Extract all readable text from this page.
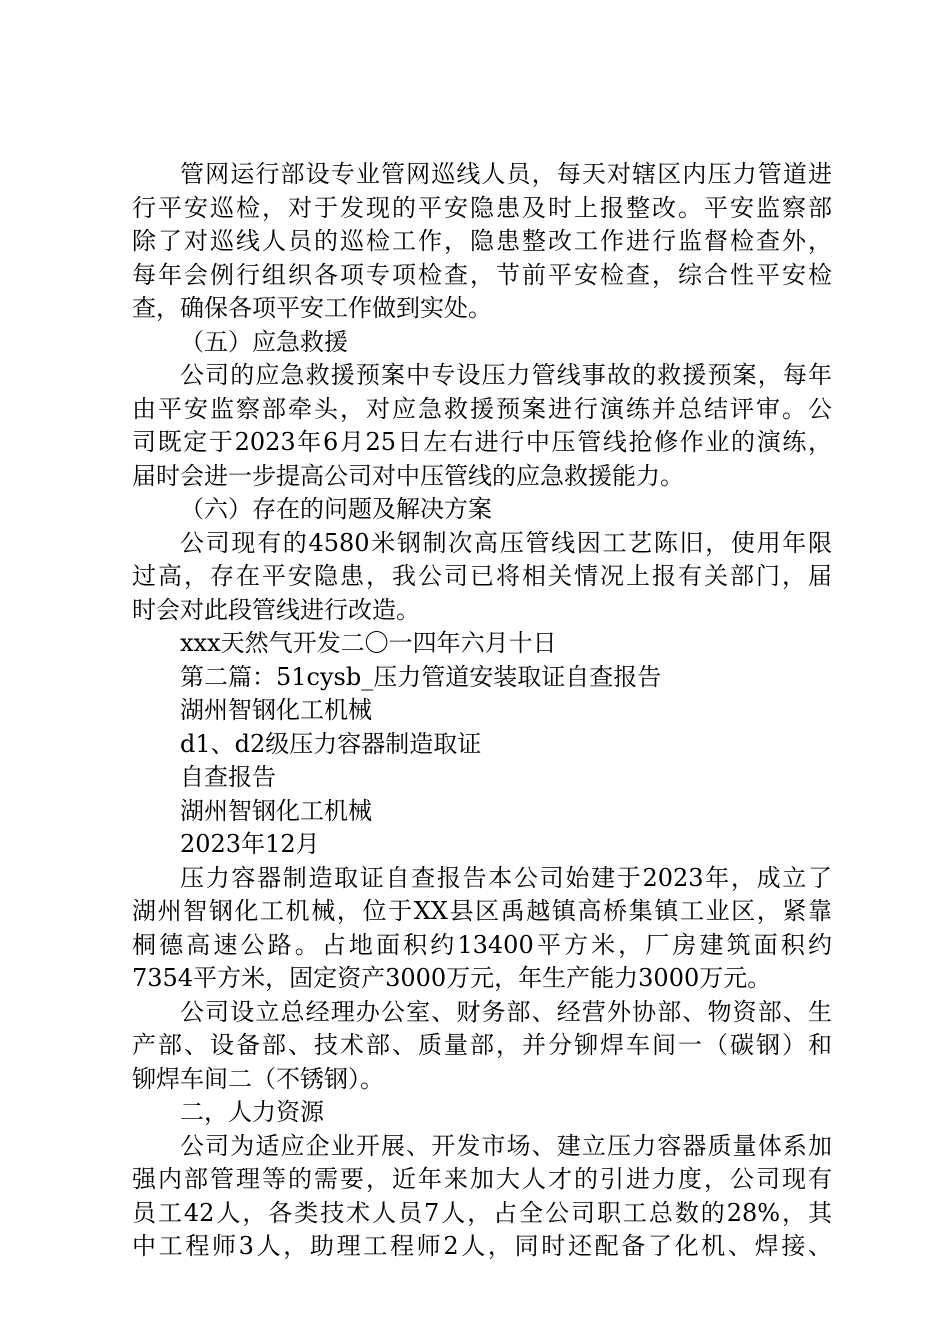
管网运行部设专业管网巡线人员，每天对辖区内压力管道进
行平安巡检，对于发现的平安隐患及时上报整改。平安监察部
除了对巡线人员的巡检工作，隐患整改工作进行监督检查外，
每年会例行组织各项专项检查，节前平安检查，综合性平安检
查，确保各项平安工作做到实处。
（五）应急救援
公司的应急救援预案中专设压力管线事故的救援预案，每年
由平安监察部牵头，对应急救援预案进行演练并总结评审。公
司既定于2023年6月25日左右进行中压管线抢修作业的演练，
届时会进一步提高公司对中压管线的应急救援能力。
（六）存在的问题及解决方案
公司现有的4580米钢制次高压管线因工艺陈旧，使用年限
过高，存在平安隐患，我公司已将相关情况上报有关部门，届
时会对此段管线进行改造。
xxx天然气开发二〇一四年六月十日
第二篇：51cysb_压力管道安装取证自查报告
湖州智钢化工机械
d1、d2级压力容器制造取证
自查报告
湖州智钢化工机械
2023年12月
压力容器制造取证自查报告本公司始建于2023年，成立了
湖州智钢化工机械，位于XX县区禹越镇高桥集镇工业区，紧靠
桐德高速公路。占地面积约13400平方米，厂房建筑面积约
7354平方米，固定资产3000万元，年生产能力3000万元。
公司设立总经理办公室、财务部、经营外协部、物资部、生
产部、设备部、技术部、质量部，并分铆焊车间一（碳钢）和
铆焊车间二（不锈钢）。
二，人力资源
公司为适应企业开展、开发市场、建立压力容器质量体系加
强内部管理等的需要，近年来加大人才的引进力度，公司现有
员工42人，各类技术人员7人，占全公司职工总数的28%，其
中工程师3人，助理工程师2人，同时还配备了化机、焊接、
